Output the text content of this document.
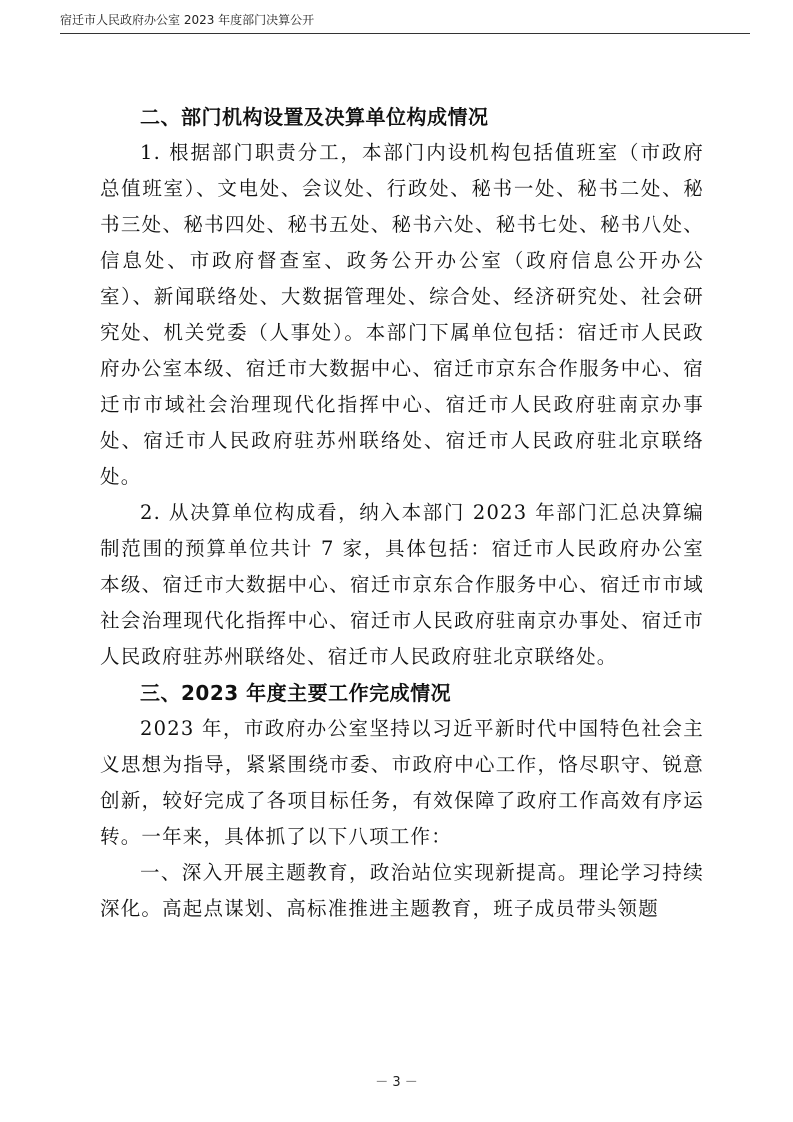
宿迁市人民政府办公室 2023 年度部门决算公开
二、部门机构设置及决算单位构成情况

1. 根据部门职责分工，本部门内设机构包括值班室（市政府总值班室）、文电处、会议处、行政处、秘书一处、秘书二处、秘书三处、秘书四处、秘书五处、秘书六处、秘书七处、秘书八处、信息处、市政府督查室、政务公开办公室（政府信息公开办公室）、新闻联络处、大数据管理处、综合处、经济研究处、社会研究处、机关党委（人事处）。本部门下属单位包括：宿迁市人民政府办公室本级、宿迁市大数据中心、宿迁市京东合作服务中心、宿迁市市域社会治理现代化指挥中心、宿迁市人民政府驻南京办事处、宿迁市人民政府驻苏州联络处、宿迁市人民政府驻北京联络处。

2. 从决算单位构成看，纳入本部门 2023 年部门汇总决算编制范围的预算单位共计 7 家，具体包括：宿迁市人民政府办公室本级、宿迁市大数据中心、宿迁市京东合作服务中心、宿迁市市域社会治理现代化指挥中心、宿迁市人民政府驻南京办事处、宿迁市人民政府驻苏州联络处、宿迁市人民政府驻北京联络处。

三、2023 年度主要工作完成情况

2023 年，市政府办公室坚持以习近平新时代中国特色社会主义思想为指导，紧紧围绕市委、市政府中心工作，恪尽职守、锐意创新，较好完成了各项目标任务，有效保障了政府工作高效有序运转。一年来，具体抓了以下八项工作：

一、深入开展主题教育，政治站位实现新提高。理论学习持续深化。高起点谋划、高标准推进主题教育，班子成员带头领题

－ 3 －
